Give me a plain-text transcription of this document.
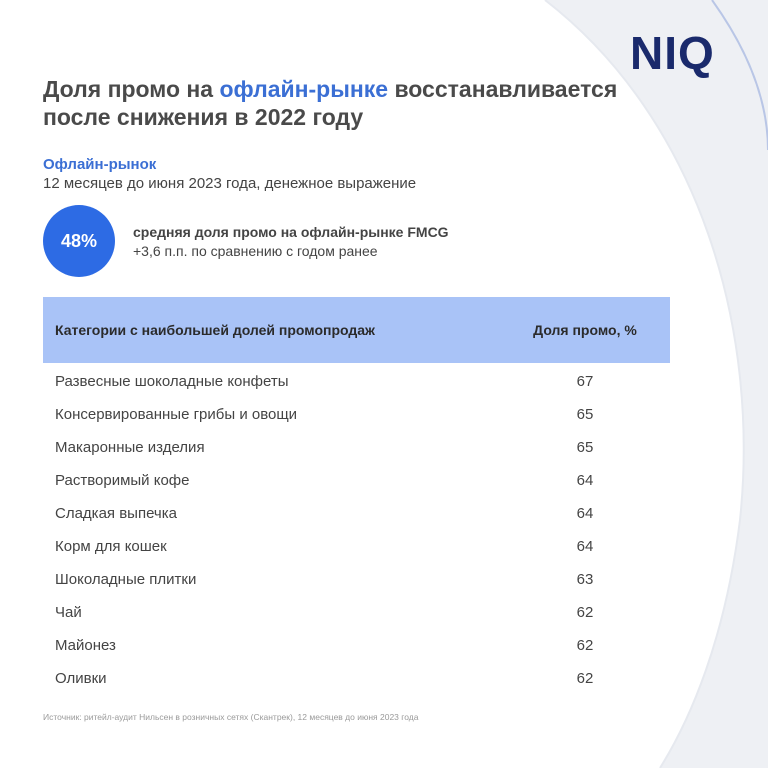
NIQ
Доля промо на офлайн-рынке восстанавливается после снижения в 2022 году
Офлайн-рынок
12 месяцев до июня 2023 года, денежное выражение
48%	средняя доля промо на офлайн-рынке FMCG
+3,6 п.п. по сравнению с годом ранее
Категории с наибольшей долей промопродаж	Доля промо, %
Развесные шоколадные конфеты	67
Консервированные грибы и овощи	65
Макаронные изделия	65
Растворимый кофе	64
Сладкая выпечка	64
Корм для кошек	64
Шоколадные плитки	63
Чай	62
Майонез	62
Оливки	62
Источник: ритейл-аудит Нильсен в розничных сетях (Скантрек), 12 месяцев до июня 2023 года
